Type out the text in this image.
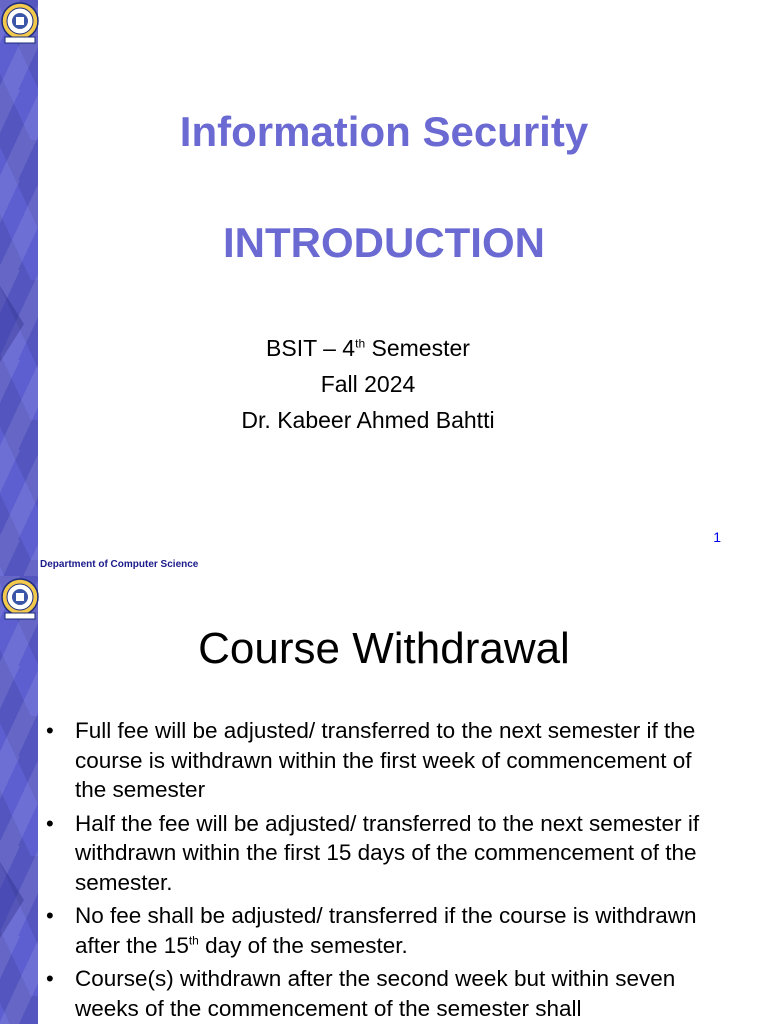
Information Security
INTRODUCTION
BSIT – 4th Semester
Fall 2024
Dr. Kabeer Ahmed Bahtti
1
Department of Computer Science
Course Withdrawal
• Full fee will be adjusted/ transferred to the next semester if the course is withdrawn within the first week of commencement of the semester
• Half the fee will be adjusted/ transferred to the next semester if withdrawn within the first 15 days of the commencement of the semester.
• No fee shall be adjusted/ transferred if the course is withdrawn after the 15th day of the semester.
• Course(s) withdrawn after the second week but within seven weeks of the commencement of the semester shall
